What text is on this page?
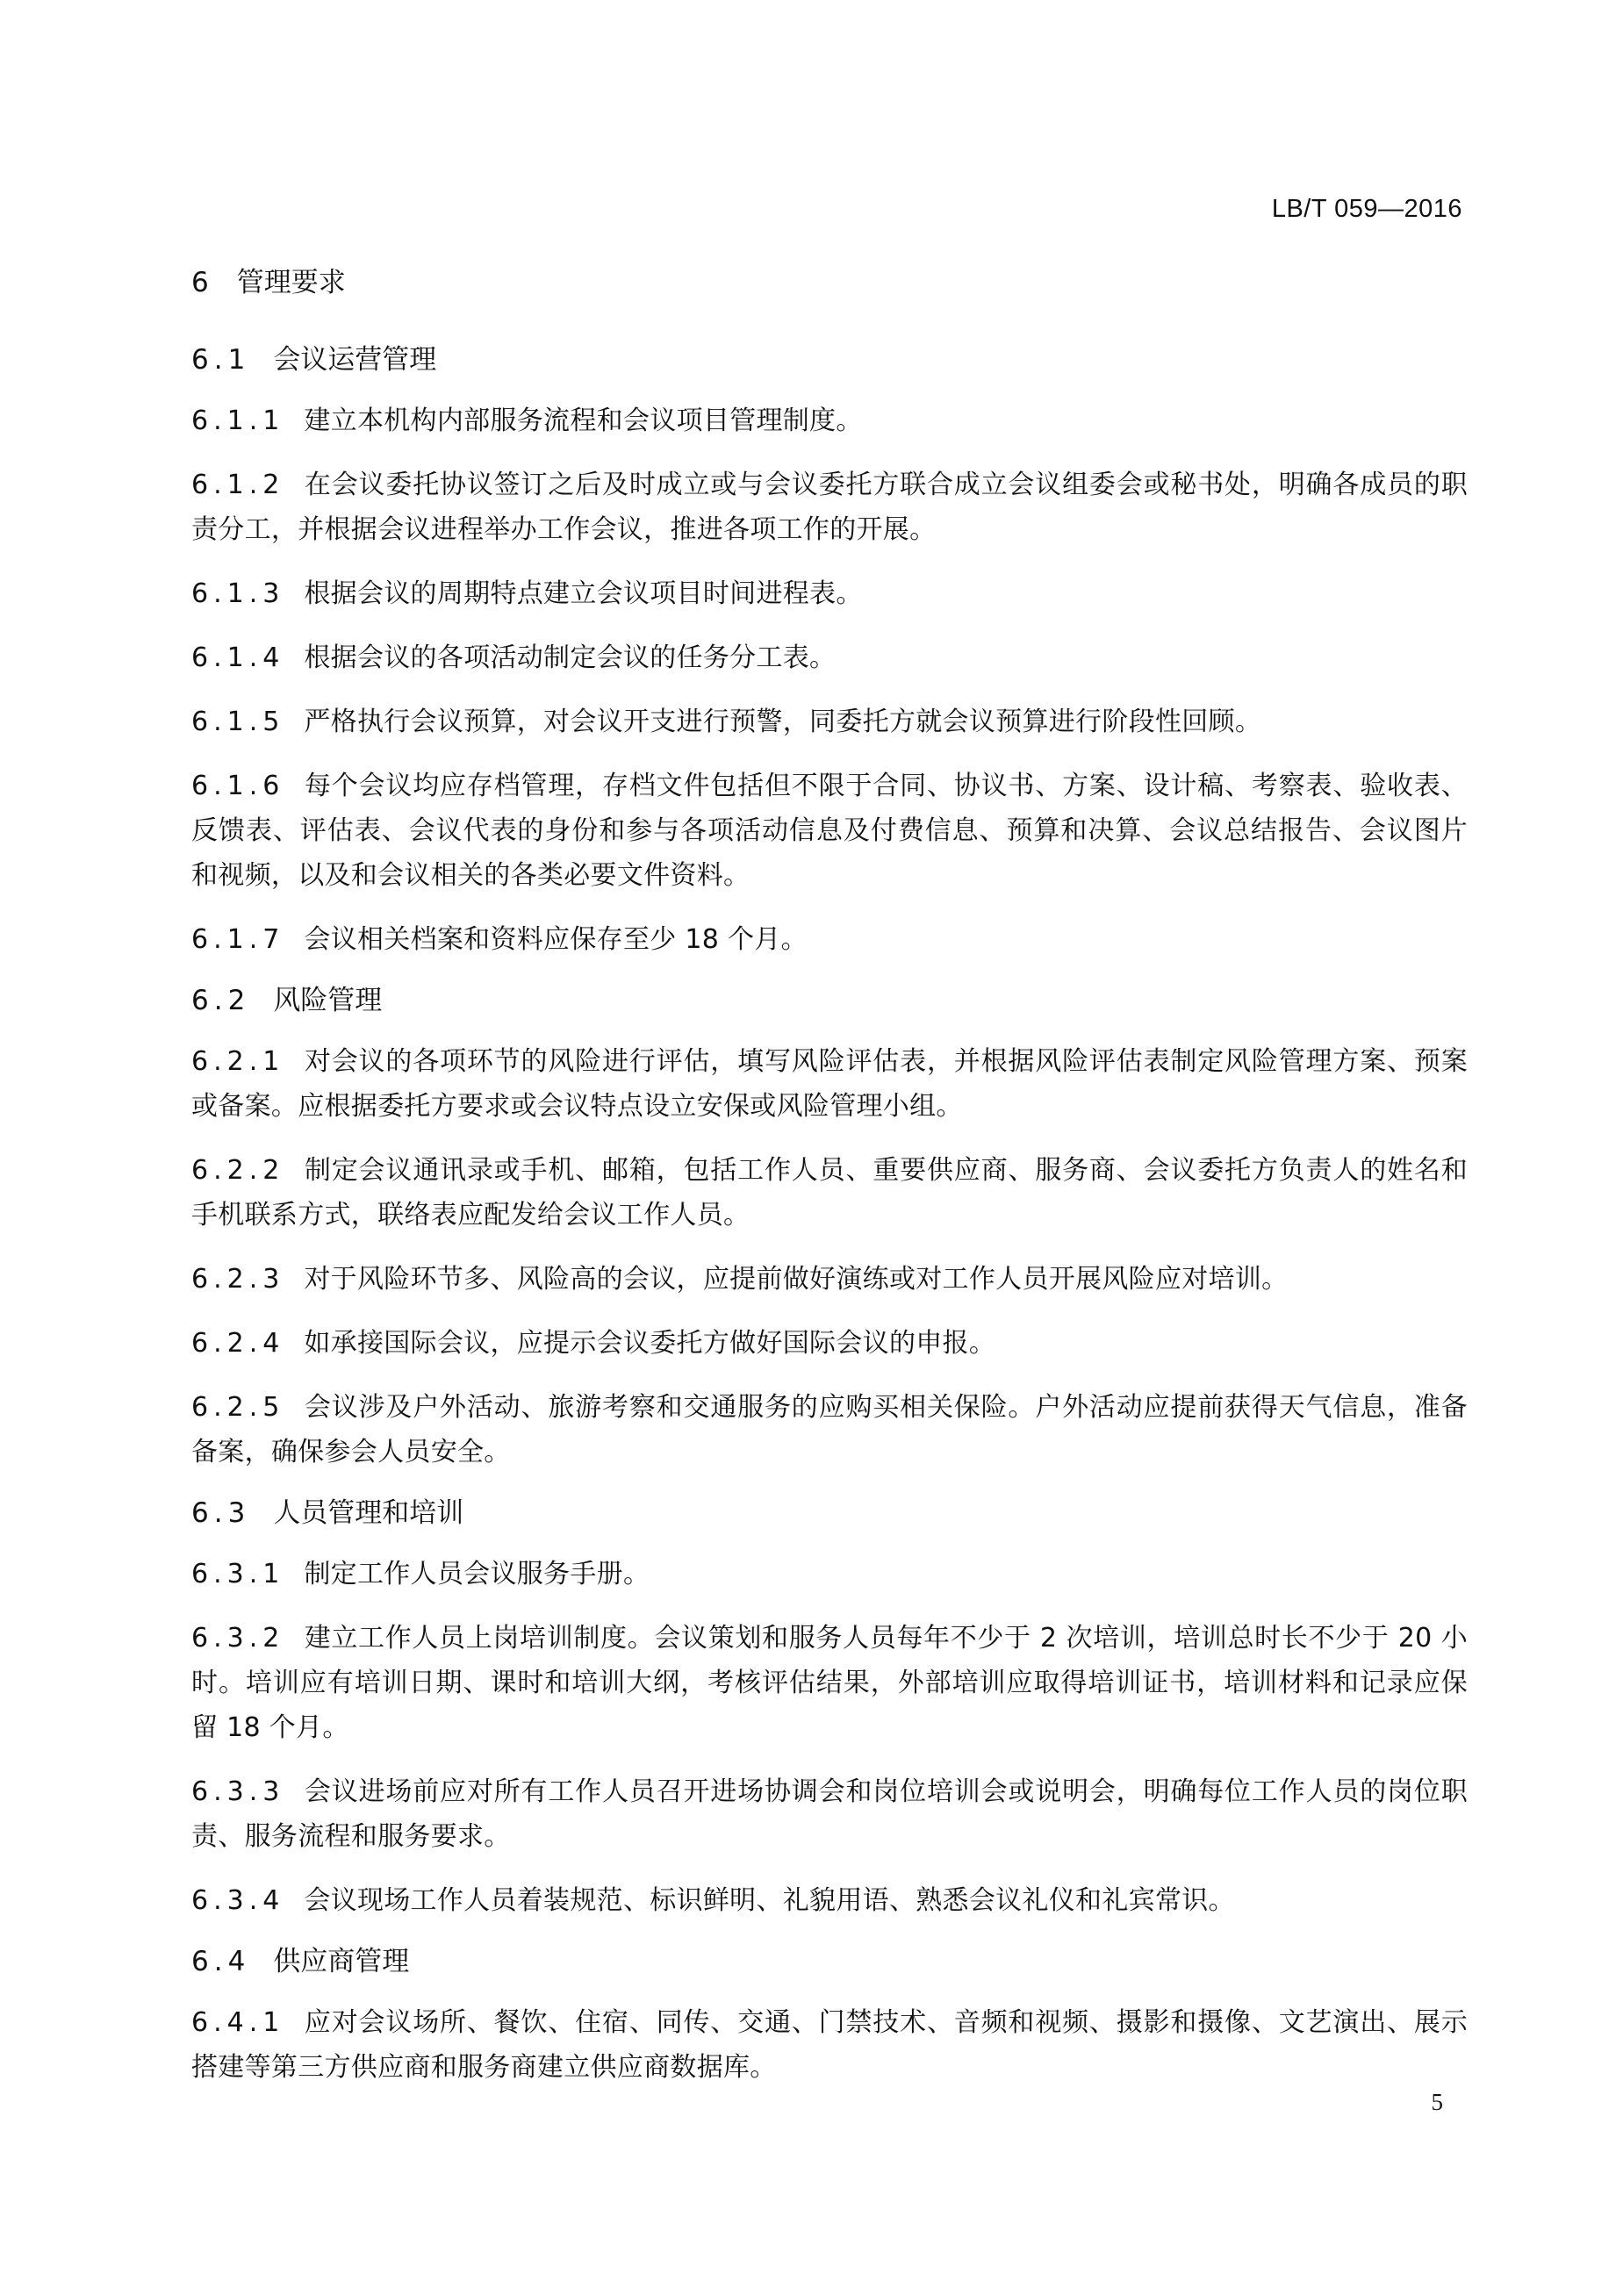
LB/T 059—2016
6 管理要求
6.1 会议运营管理
6.1.1 建立本机构内部服务流程和会议项目管理制度。
6.1.2 在会议委托协议签订之后及时成立或与会议委托方联合成立会议组委会或秘书处，明确各成员的职责分工，并根据会议进程举办工作会议，推进各项工作的开展。
6.1.3 根据会议的周期特点建立会议项目时间进程表。
6.1.4 根据会议的各项活动制定会议的任务分工表。
6.1.5 严格执行会议预算，对会议开支进行预警，同委托方就会议预算进行阶段性回顾。
6.1.6 每个会议均应存档管理，存档文件包括但不限于合同、协议书、方案、设计稿、考察表、验收表、反馈表、评估表、会议代表的身份和参与各项活动信息及付费信息、预算和决算、会议总结报告、会议图片和视频，以及和会议相关的各类必要文件资料。
6.1.7 会议相关档案和资料应保存至少 18 个月。
6.2 风险管理
6.2.1 对会议的各项环节的风险进行评估，填写风险评估表，并根据风险评估表制定风险管理方案、预案或备案。应根据委托方要求或会议特点设立安保或风险管理小组。
6.2.2 制定会议通讯录或手机、邮箱，包括工作人员、重要供应商、服务商、会议委托方负责人的姓名和手机联系方式，联络表应配发给会议工作人员。
6.2.3 对于风险环节多、风险高的会议，应提前做好演练或对工作人员开展风险应对培训。
6.2.4 如承接国际会议，应提示会议委托方做好国际会议的申报。
6.2.5 会议涉及户外活动、旅游考察和交通服务的应购买相关保险。户外活动应提前获得天气信息，准备备案，确保参会人员安全。
6.3 人员管理和培训
6.3.1 制定工作人员会议服务手册。
6.3.2 建立工作人员上岗培训制度。会议策划和服务人员每年不少于 2 次培训，培训总时长不少于 20 小时。培训应有培训日期、课时和培训大纲，考核评估结果，外部培训应取得培训证书，培训材料和记录应保留 18 个月。
6.3.3 会议进场前应对所有工作人员召开进场协调会和岗位培训会或说明会，明确每位工作人员的岗位职责、服务流程和服务要求。
6.3.4 会议现场工作人员着装规范、标识鲜明、礼貌用语、熟悉会议礼仪和礼宾常识。
6.4 供应商管理
6.4.1 应对会议场所、餐饮、住宿、同传、交通、门禁技术、音频和视频、摄影和摄像、文艺演出、展示搭建等第三方供应商和服务商建立供应商数据库。
5
